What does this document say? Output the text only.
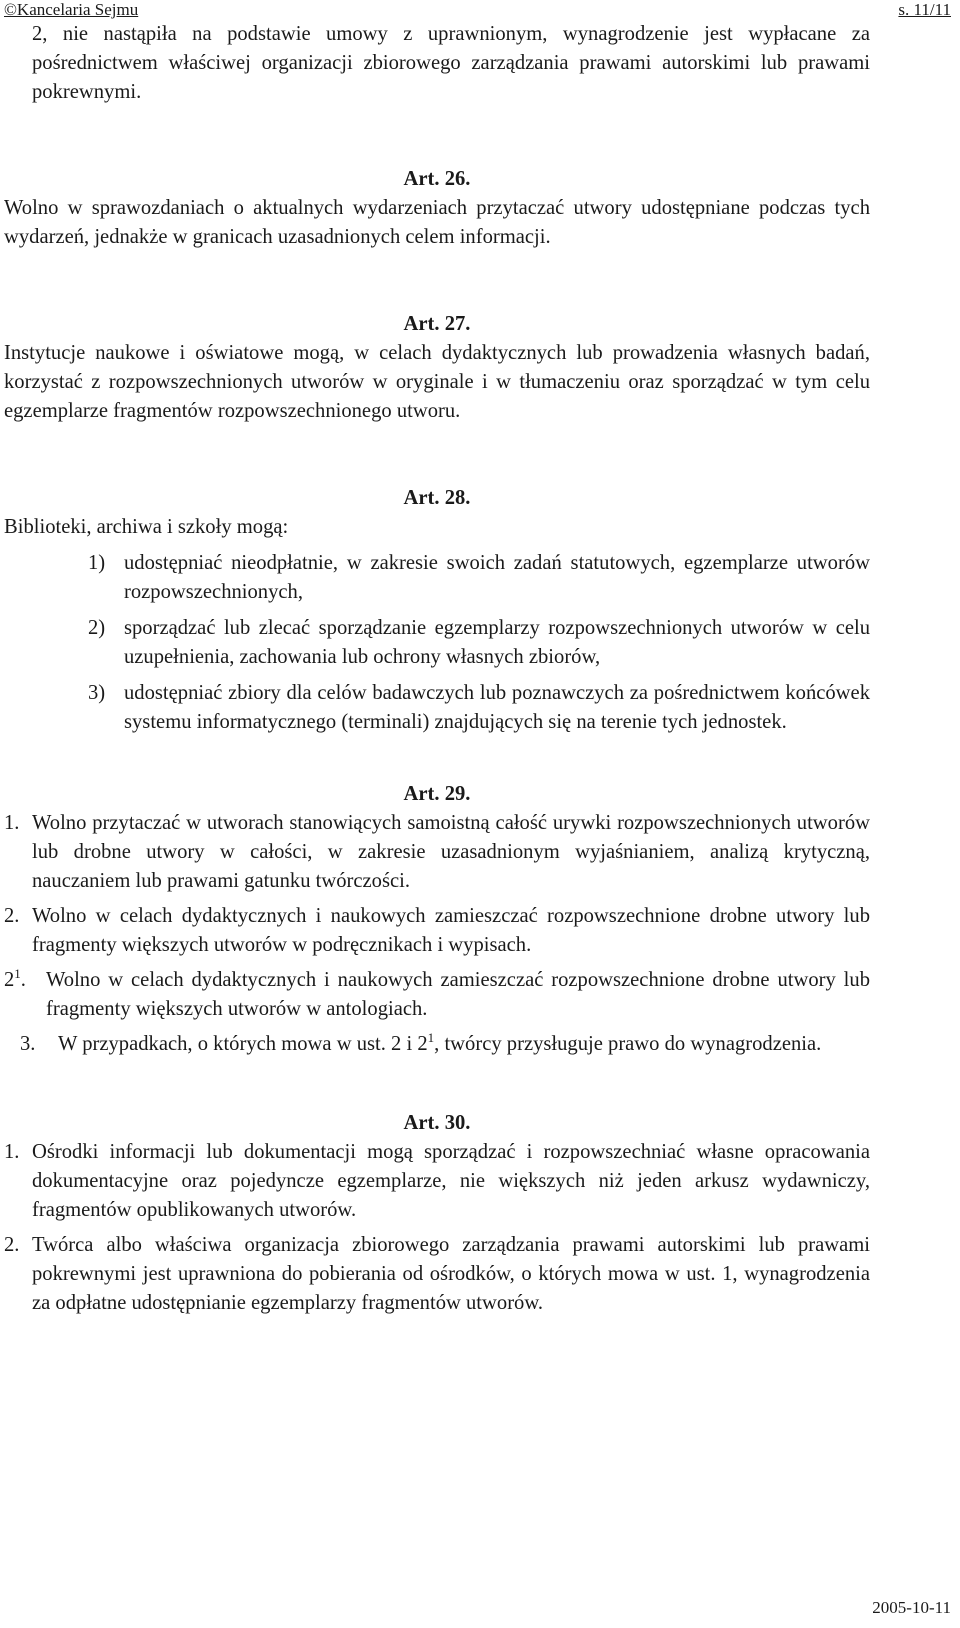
©Kancelaria Sejmu	s. 11/11

2, nie nastąpiła na podstawie umowy z uprawnionym, wynagrodzenie jest wypłacane za pośrednictwem właściwej organizacji zbiorowego zarządzania prawami autorskimi lub prawami pokrewnymi.

Art. 26.

Wolno w sprawozdaniach o aktualnych wydarzeniach przytaczać utwory udostępniane podczas tych wydarzeń, jednakże w granicach uzasadnionych celem informacji.

Art. 27.

Instytucje naukowe i oświatowe mogą, w celach dydaktycznych lub prowadzenia własnych badań, korzystać z rozpowszechnionych utworów w oryginale i w tłumaczeniu oraz sporządzać w tym celu egzemplarze fragmentów rozpowszechnionego utworu.

Art. 28.

Biblioteki, archiwa i szkoły mogą:

1) udostępniać nieodpłatnie, w zakresie swoich zadań statutowych, egzemplarze utworów rozpowszechnionych,
2) sporządzać lub zlecać sporządzanie egzemplarzy rozpowszechnionych utworów w celu uzupełnienia, zachowania lub ochrony własnych zbiorów,
3) udostępniać zbiory dla celów badawczych lub poznawczych za pośrednictwem końcówek systemu informatycznego (terminali) znajdujących się na terenie tych jednostek.

Art. 29.

1. Wolno przytaczać w utworach stanowiących samoistną całość urywki rozpowszechnionych utworów lub drobne utwory w całości, w zakresie uzasadnionym wyjaśnianiem, analizą krytyczną, nauczaniem lub prawami gatunku twórczości.
2. Wolno w celach dydaktycznych i naukowych zamieszczać rozpowszechnione drobne utwory lub fragmenty większych utworów w podręcznikach i wypisach.
$2^1$. Wolno w celach dydaktycznych i naukowych zamieszczać rozpowszechnione drobne utwory lub fragmenty większych utworów w antologiach.
3.	W przypadkach, o których mowa w ust. 2 i $2^1$, twórcy przysługuje prawo do wynagrodzenia.

Art. 30.

1. Ośrodki informacji lub dokumentacji mogą sporządzać i rozpowszechniać własne opracowania dokumentacyjne oraz pojedyncze egzemplarze, nie większych niż jeden arkusz wydawniczy, fragmentów opublikowanych utworów.
2. Twórca albo właściwa organizacja zbiorowego zarządzania prawami autorskimi lub prawami pokrewnymi jest uprawniona do pobierania od ośrodków, o których mowa w ust. 1, wynagrodzenia za odpłatne udostępnianie egzemplarzy fragmentów utworów.
2005-10-11
